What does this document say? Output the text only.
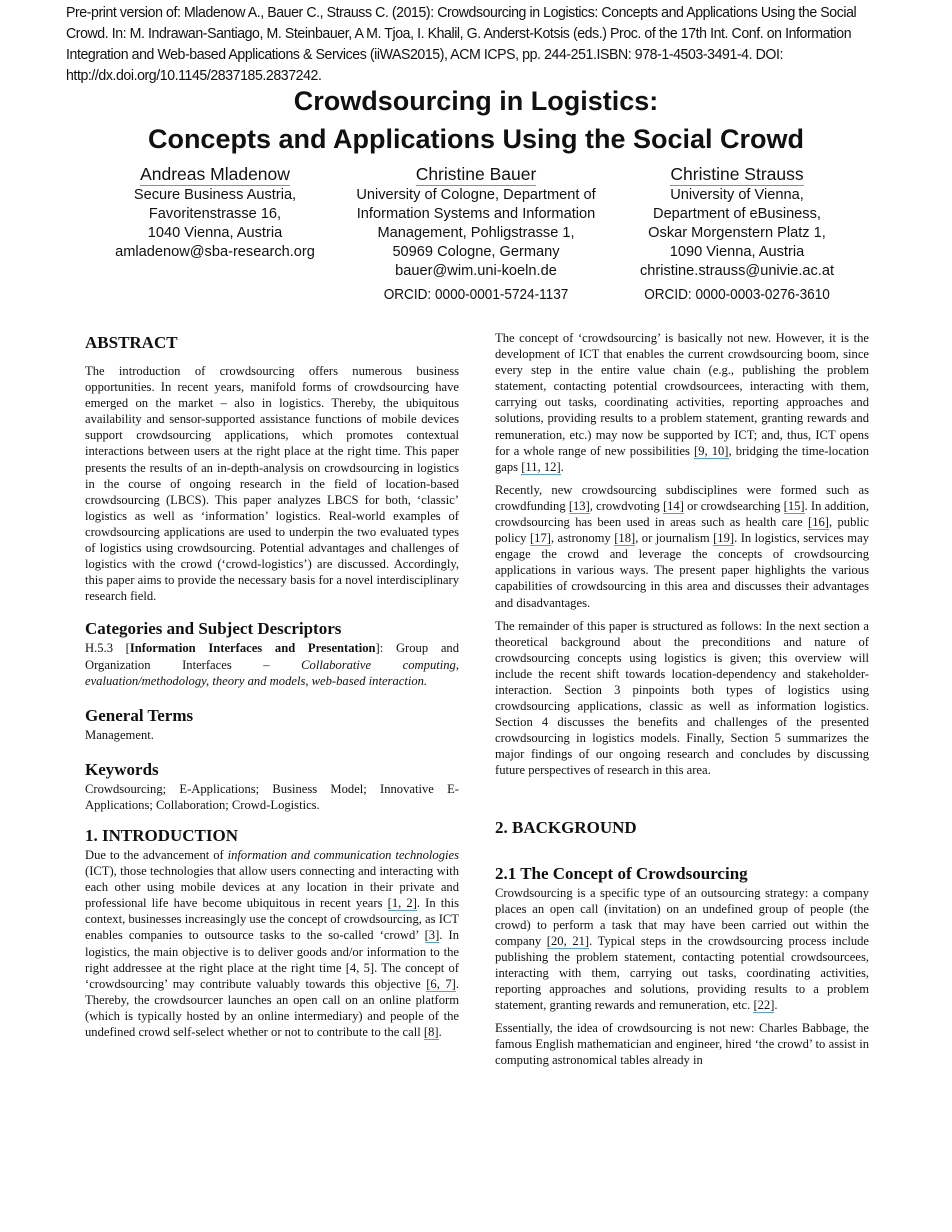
Pre-print version of: Mladenow A., Bauer C., Strauss C. (2015): Crowdsourcing in Logistics: Concepts and Applications Using the Social Crowd. In: M. Indrawan-Santiago, M. Steinbauer, A M. Tjoa, I. Khalil, G. Anderst-Kotsis (eds.) Proc. of the 17th Int. Conf. on Information Integration and Web-based Applications & Services (iiWAS2015), ACM ICPS, pp. 244-251.ISBN: 978-1-4503-3491-4. DOI: http://dx.doi.org/10.1145/2837185.2837242.
Crowdsourcing in Logistics:
Concepts and Applications Using the Social Crowd
Andreas Mladenow
Secure Business Austria,
Favoritenstrasse 16,
1040 Vienna, Austria
amladenow@sba-research.org
Christine Bauer
University of Cologne, Department of
Information Systems and Information
Management, Pohligstrasse 1,
50969 Cologne, Germany
bauer@wim.uni-koeln.de
ORCID: 0000-0001-5724-1137
Christine Strauss
University of Vienna,
Department of eBusiness,
Oskar Morgenstern Platz 1,
1090 Vienna, Austria
christine.strauss@univie.ac.at
ORCID: 0000-0003-0276-3610
ABSTRACT

The introduction of crowdsourcing offers numerous business opportunities. In recent years, manifold forms of crowdsourcing have emerged on the market – also in logistics. Thereby, the ubiquitous availability and sensor-supported assistance functions of mobile devices support crowdsourcing applications, which promotes contextual interactions between users at the right place at the right time. This paper presents the results of an in-depth-analysis on crowdsourcing in logistics in the course of ongoing research in the field of location-based crowdsourcing (LBCS). This paper analyzes LBCS for both, ‘classic’ logistics as well as ‘information’ logistics. Real-world examples of crowdsourcing applications are used to underpin the two evaluated types of logistics using crowdsourcing. Potential advantages and challenges of logistics with the crowd (‘crowd-logistics’) are discussed. Accordingly, this paper aims to provide the necessary basis for a novel interdisciplinary research field.

Categories and Subject Descriptors

H.5.3 [Information Interfaces and Presentation]: Group and Organization Interfaces – Collaborative computing, evaluation/methodology, theory and models, web-based interaction.

General Terms

Management.

Keywords

Crowdsourcing; E-Applications; Business Model; Innovative E-Applications; Collaboration; Crowd-Logistics.

1. INTRODUCTION

Due to the advancement of information and communication technologies (ICT), those technologies that allow users connecting and interacting with each other using mobile devices at any location in their private and professional life have become ubiquitous in recent years [1, 2]. In this context, businesses increasingly use the concept of crowdsourcing, as ICT enables companies to outsource tasks to the so-called ‘crowd’ [3]. In logistics, the main objective is to deliver goods and/or information to the right addressee at the right place at the right time [4, 5]. The concept of ‘crowdsourcing’ may contribute valuably towards this objective [6, 7]. Thereby, the crowdsourcer launches an open call on an online platform (which is typically hosted by an online intermediary) and people of the undefined crowd self-select whether or not to contribute to the call [8].

The concept of ‘crowdsourcing’ is basically not new. However, it is the development of ICT that enables the current crowdsourcing boom, since every step in the entire value chain (e.g., publishing the problem statement, contacting potential crowdsourcees, interacting with them, carrying out tasks, coordinating activities, reporting approaches and solutions, providing results to a problem statement, granting rewards and remuneration, etc.) may now be supported by ICT; and, thus, ICT opens for a whole range of new possibilities [9, 10], bridging the time-location gaps [11, 12].

Recently, new crowdsourcing subdisciplines were formed such as crowdfunding [13], crowdvoting [14] or crowdsearching [15]. In addition, crowdsourcing has been used in areas such as health care [16], public policy [17], astronomy [18], or journalism [19]. In logistics, services may engage the crowd and leverage the concepts of crowdsourcing applications in various ways. The present paper highlights the various capabilities of crowdsourcing in this area and discusses their advantages and disadvantages.

The remainder of this paper is structured as follows: In the next section a theoretical background about the preconditions and nature of crowdsourcing concepts using logistics is given; this overview will include the recent shift towards location-dependency and stakeholder-interaction. Section 3 pinpoints both types of logistics using crowdsourcing applications, classic as well as information logistics. Section 4 discusses the benefits and challenges of the presented crowdsourcing in logistics models. Finally, Section 5 summarizes the major findings of our ongoing research and concludes by discussing future perspectives of research in this area.

2. BACKGROUND
2.1 The Concept of Crowdsourcing

Crowdsourcing is a specific type of an outsourcing strategy: a company places an open call (invitation) on an undefined group of people (the crowd) to perform a task that may have been carried out within the company [20, 21]. Typical steps in the crowdsourcing process include publishing the problem statement, contacting potential crowdsourcees, interacting with them, carrying out tasks, coordinating activities, reporting approaches and solutions, providing results to a problem statement, granting rewards and remuneration, etc. [22].

Essentially, the idea of crowdsourcing is not new: Charles Babbage, the famous English mathematician and engineer, hired ‘the crowd’ to assist in computing astronomical tables already in
